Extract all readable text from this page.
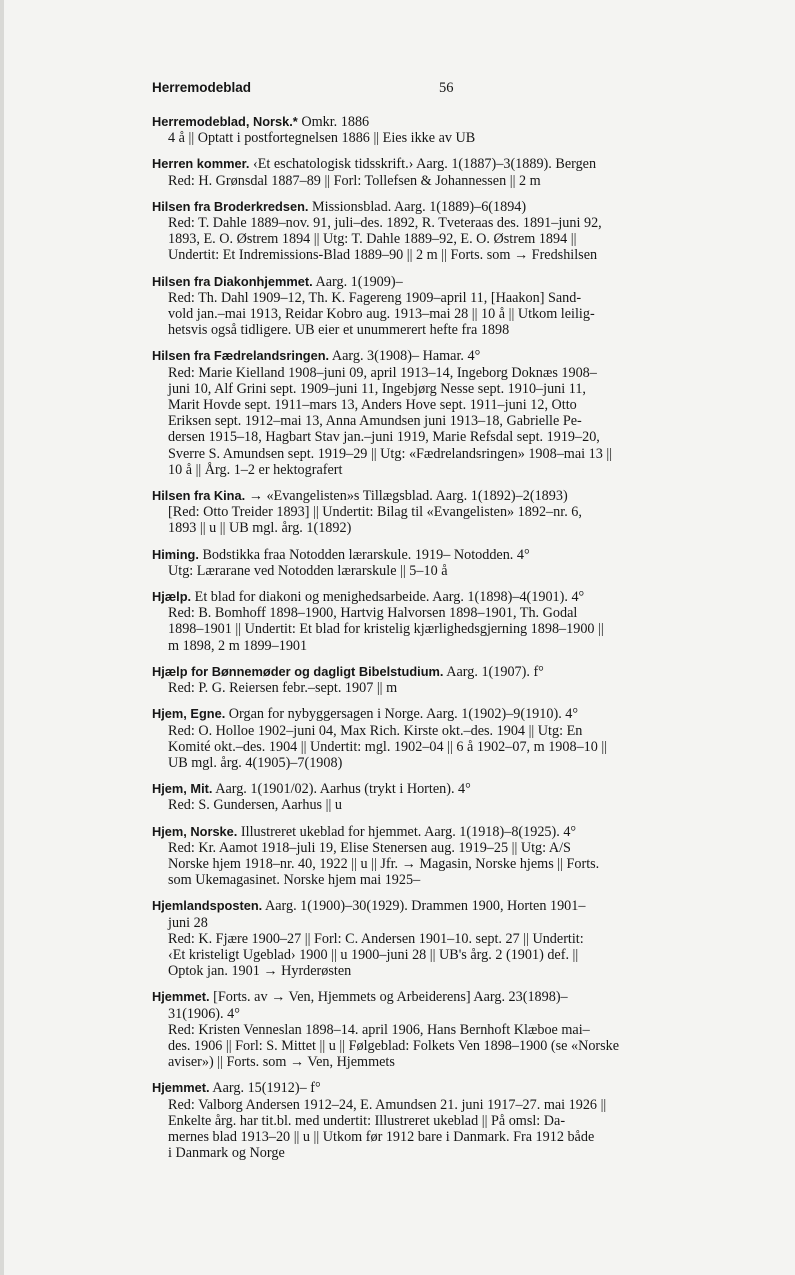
Herremodeblad	56
Herremodeblad, Norsk.* Omkr. 1886
4 å || Optatt i postfortegnelsen 1886 || Eies ikke av UB
Herren kommer. ‹Et eschatologisk tidsskrift.› Aarg. 1(1887)–3(1889). Bergen
Red: H. Grønsdal 1887–89 || Forl: Tollefsen & Johannessen || 2 m
Hilsen fra Broderkredsen. Missionsblad. Aarg. 1(1889)–6(1894)
Red: T. Dahle 1889–nov. 91, juli–des. 1892, R. Tveteraas des. 1891–juni 92,
1893, E. O. Østrem 1894 || Utg: T. Dahle 1889–92, E. O. Østrem 1894 ||
Undertit: Et Indremissions-Blad 1889–90 || 2 m || Forts. som → Fredshilsen
Hilsen fra Diakonhjemmet. Aarg. 1(1909)–
Red: Th. Dahl 1909–12, Th. K. Fagereng 1909–april 11, [Haakon] Sand-
vold jan.–mai 1913, Reidar Kobro aug. 1913–mai 28 || 10 å || Utkom leilig-
hetsvis også tidligere. UB eier et unummerert hefte fra 1898
Hilsen fra Fædrelandsringen. Aarg. 3(1908)– Hamar. 4°
Red: Marie Kielland 1908–juni 09, april 1913–14, Ingeborg Doknæs 1908–
juni 10, Alf Grini sept. 1909–juni 11, Ingebjørg Nesse sept. 1910–juni 11,
Marit Hovde sept. 1911–mars 13, Anders Hove sept. 1911–juni 12, Otto
Eriksen sept. 1912–mai 13, Anna Amundsen juni 1913–18, Gabrielle Pe-
dersen 1915–18, Hagbart Stav jan.–juni 1919, Marie Refsdal sept. 1919–20,
Sverre S. Amundsen sept. 1919–29 || Utg: «Fædrelandsringen» 1908–mai 13 ||
10 å || Årg. 1–2 er hektografert
Hilsen fra Kina. → «Evangelisten»s Tillægsblad. Aarg. 1(1892)–2(1893)
[Red: Otto Treider 1893] || Undertit: Bilag til «Evangelisten» 1892–nr. 6,
1893 || u || UB mgl. årg. 1(1892)
Himing. Bodstikka fraa Notodden lærarskule. 1919– Notodden. 4°
Utg: Lærarane ved Notodden lærarskule || 5–10 å
Hjælp. Et blad for diakoni og menighedsarbeide. Aarg. 1(1898)–4(1901). 4°
Red: B. Bomhoff 1898–1900, Hartvig Halvorsen 1898–1901, Th. Godal
1898–1901 || Undertit: Et blad for kristelig kjærlighedsgjerning 1898–1900 ||
m 1898, 2 m 1899–1901
Hjælp for Bønnemøder og dagligt Bibelstudium. Aarg. 1(1907). f°
Red: P. G. Reiersen febr.–sept. 1907 || m
Hjem, Egne. Organ for nybyggersagen i Norge. Aarg. 1(1902)–9(1910). 4°
Red: O. Holloe 1902–juni 04, Max Rich. Kirste okt.–des. 1904 || Utg: En
Komité okt.–des. 1904 || Undertit: mgl. 1902–04 || 6 å 1902–07, m 1908–10 ||
UB mgl. årg. 4(1905)–7(1908)
Hjem, Mit. Aarg. 1(1901/02). Aarhus (trykt i Horten). 4°
Red: S. Gundersen, Aarhus || u
Hjem, Norske. Illustreret ukeblad for hjemmet. Aarg. 1(1918)–8(1925). 4°
Red: Kr. Aamot 1918–juli 19, Elise Stenersen aug. 1919–25 || Utg: A/S
Norske hjem 1918–nr. 40, 1922 || u || Jfr. → Magasin, Norske hjems || Forts.
som Ukemagasinet. Norske hjem mai 1925–
Hjemlandsposten. Aarg. 1(1900)–30(1929). Drammen 1900, Horten 1901–
juni 28
Red: K. Fjære 1900–27 || Forl: C. Andersen 1901–10. sept. 27 || Undertit:
‹Et kristeligt Ugeblad› 1900 || u 1900–juni 28 || UB's årg. 2 (1901) def. ||
Optok jan. 1901 → Hyrderøsten
Hjemmet. [Forts. av → Ven, Hjemmets og Arbeiderens] Aarg. 23(1898)–
31(1906). 4°
Red: Kristen Venneslan 1898–14. april 1906, Hans Bernhoft Klæboe mai–
des. 1906 || Forl: S. Mittet || u || Følgeblad: Folkets Ven 1898–1900 (se «Norske
aviser») || Forts. som → Ven, Hjemmets
Hjemmet. Aarg. 15(1912)– f°
Red: Valborg Andersen 1912–24, E. Amundsen 21. juni 1917–27. mai 1926 ||
Enkelte årg. har tit.bl. med undertit: Illustreret ukeblad || På omsl: Da-
mernes blad 1913–20 || u || Utkom før 1912 bare i Danmark. Fra 1912 både
i Danmark og Norge
